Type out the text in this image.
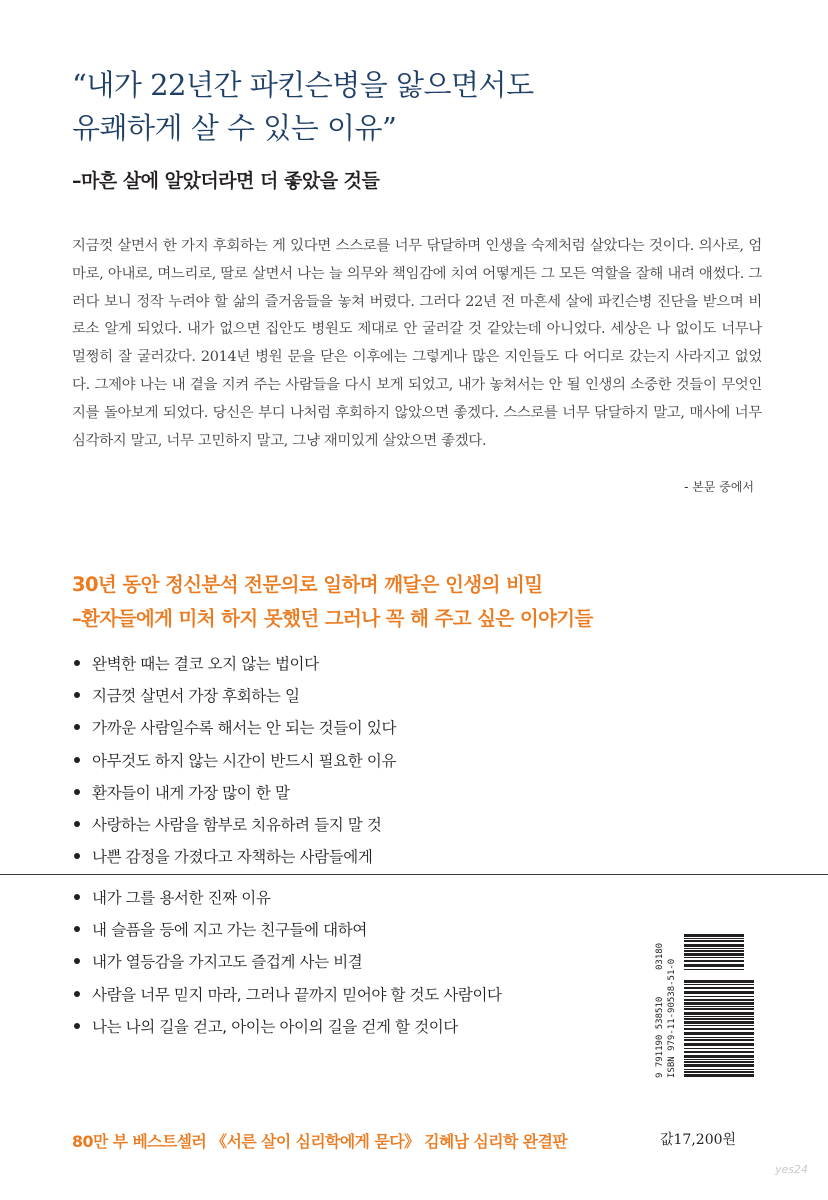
“내가 22년간 파킨슨병을 앓으면서도
유쾌하게 살 수 있는 이유”
–마흔 살에 알았더라면 더 좋았을 것들
지금껏 살면서 한 가지 후회하는 게 있다면 스스로를 너무 닦달하며 인생을 숙제처럼 살았다는 것이다. 의사로, 엄마로, 아내로, 며느리로, 딸로 살면서 나는 늘 의무와 책임감에 치여 어떻게든 그 모든 역할을 잘해 내려 애썼다. 그러다 보니 정작 누려야 할 삶의 즐거움들을 놓쳐 버렸다. 그러다 22년 전 마흔세 살에 파킨슨병 진단을 받으며 비로소 알게 되었다. 내가 없으면 집안도 병원도 제대로 안 굴러갈 것 같았는데 아니었다. 세상은 나 없이도 너무나 멀쩡히 잘 굴러갔다. 2014년 병원 문을 닫은 이후에는 그렇게나 많은 지인들도 다 어디로 갔는지 사라지고 없었다. 그제야 나는 내 곁을 지켜 주는 사람들을 다시 보게 되었고, 내가 놓쳐서는 안 될 인생의 소중한 것들이 무엇인지를 돌아보게 되었다. 당신은 부디 나처럼 후회하지 않았으면 좋겠다. 스스로를 너무 닦달하지 말고, 매사에 너무 심각하지 말고, 너무 고민하지 말고, 그냥 재미있게 살았으면 좋겠다.
- 본문 중에서
30년 동안 정신분석 전문의로 일하며 깨달은 인생의 비밀
–환자들에게 미처 하지 못했던 그러나 꼭 해 주고 싶은 이야기들
완벽한 때는 결코 오지 않는 법이다
지금껏 살면서 가장 후회하는 일
가까운 사람일수록 해서는 안 되는 것들이 있다
아무것도 하지 않는 시간이 반드시 필요한 이유
환자들이 내게 가장 많이 한 말
사랑하는 사람을 함부로 치유하려 들지 말 것
나쁜 감정을 가졌다고 자책하는 사람들에게
내가 그를 용서한 진짜 이유
내 슬픔을 등에 지고 가는 친구들에 대하여
내가 열등감을 가지고도 즐겁게 사는 비결
사람을 너무 믿지 마라, 그러나 끝까지 믿어야 할 것도 사람이다
나는 나의 길을 걷고, 아이는 아이의 길을 걷게 할 것이다
03180
9 791190 538510 ISBN 979-11-90538-51-0
80만 부 베스트셀러 《서른 살이 심리학에게 묻다》 김혜남 심리학 완결판	값17,200원
yes24
